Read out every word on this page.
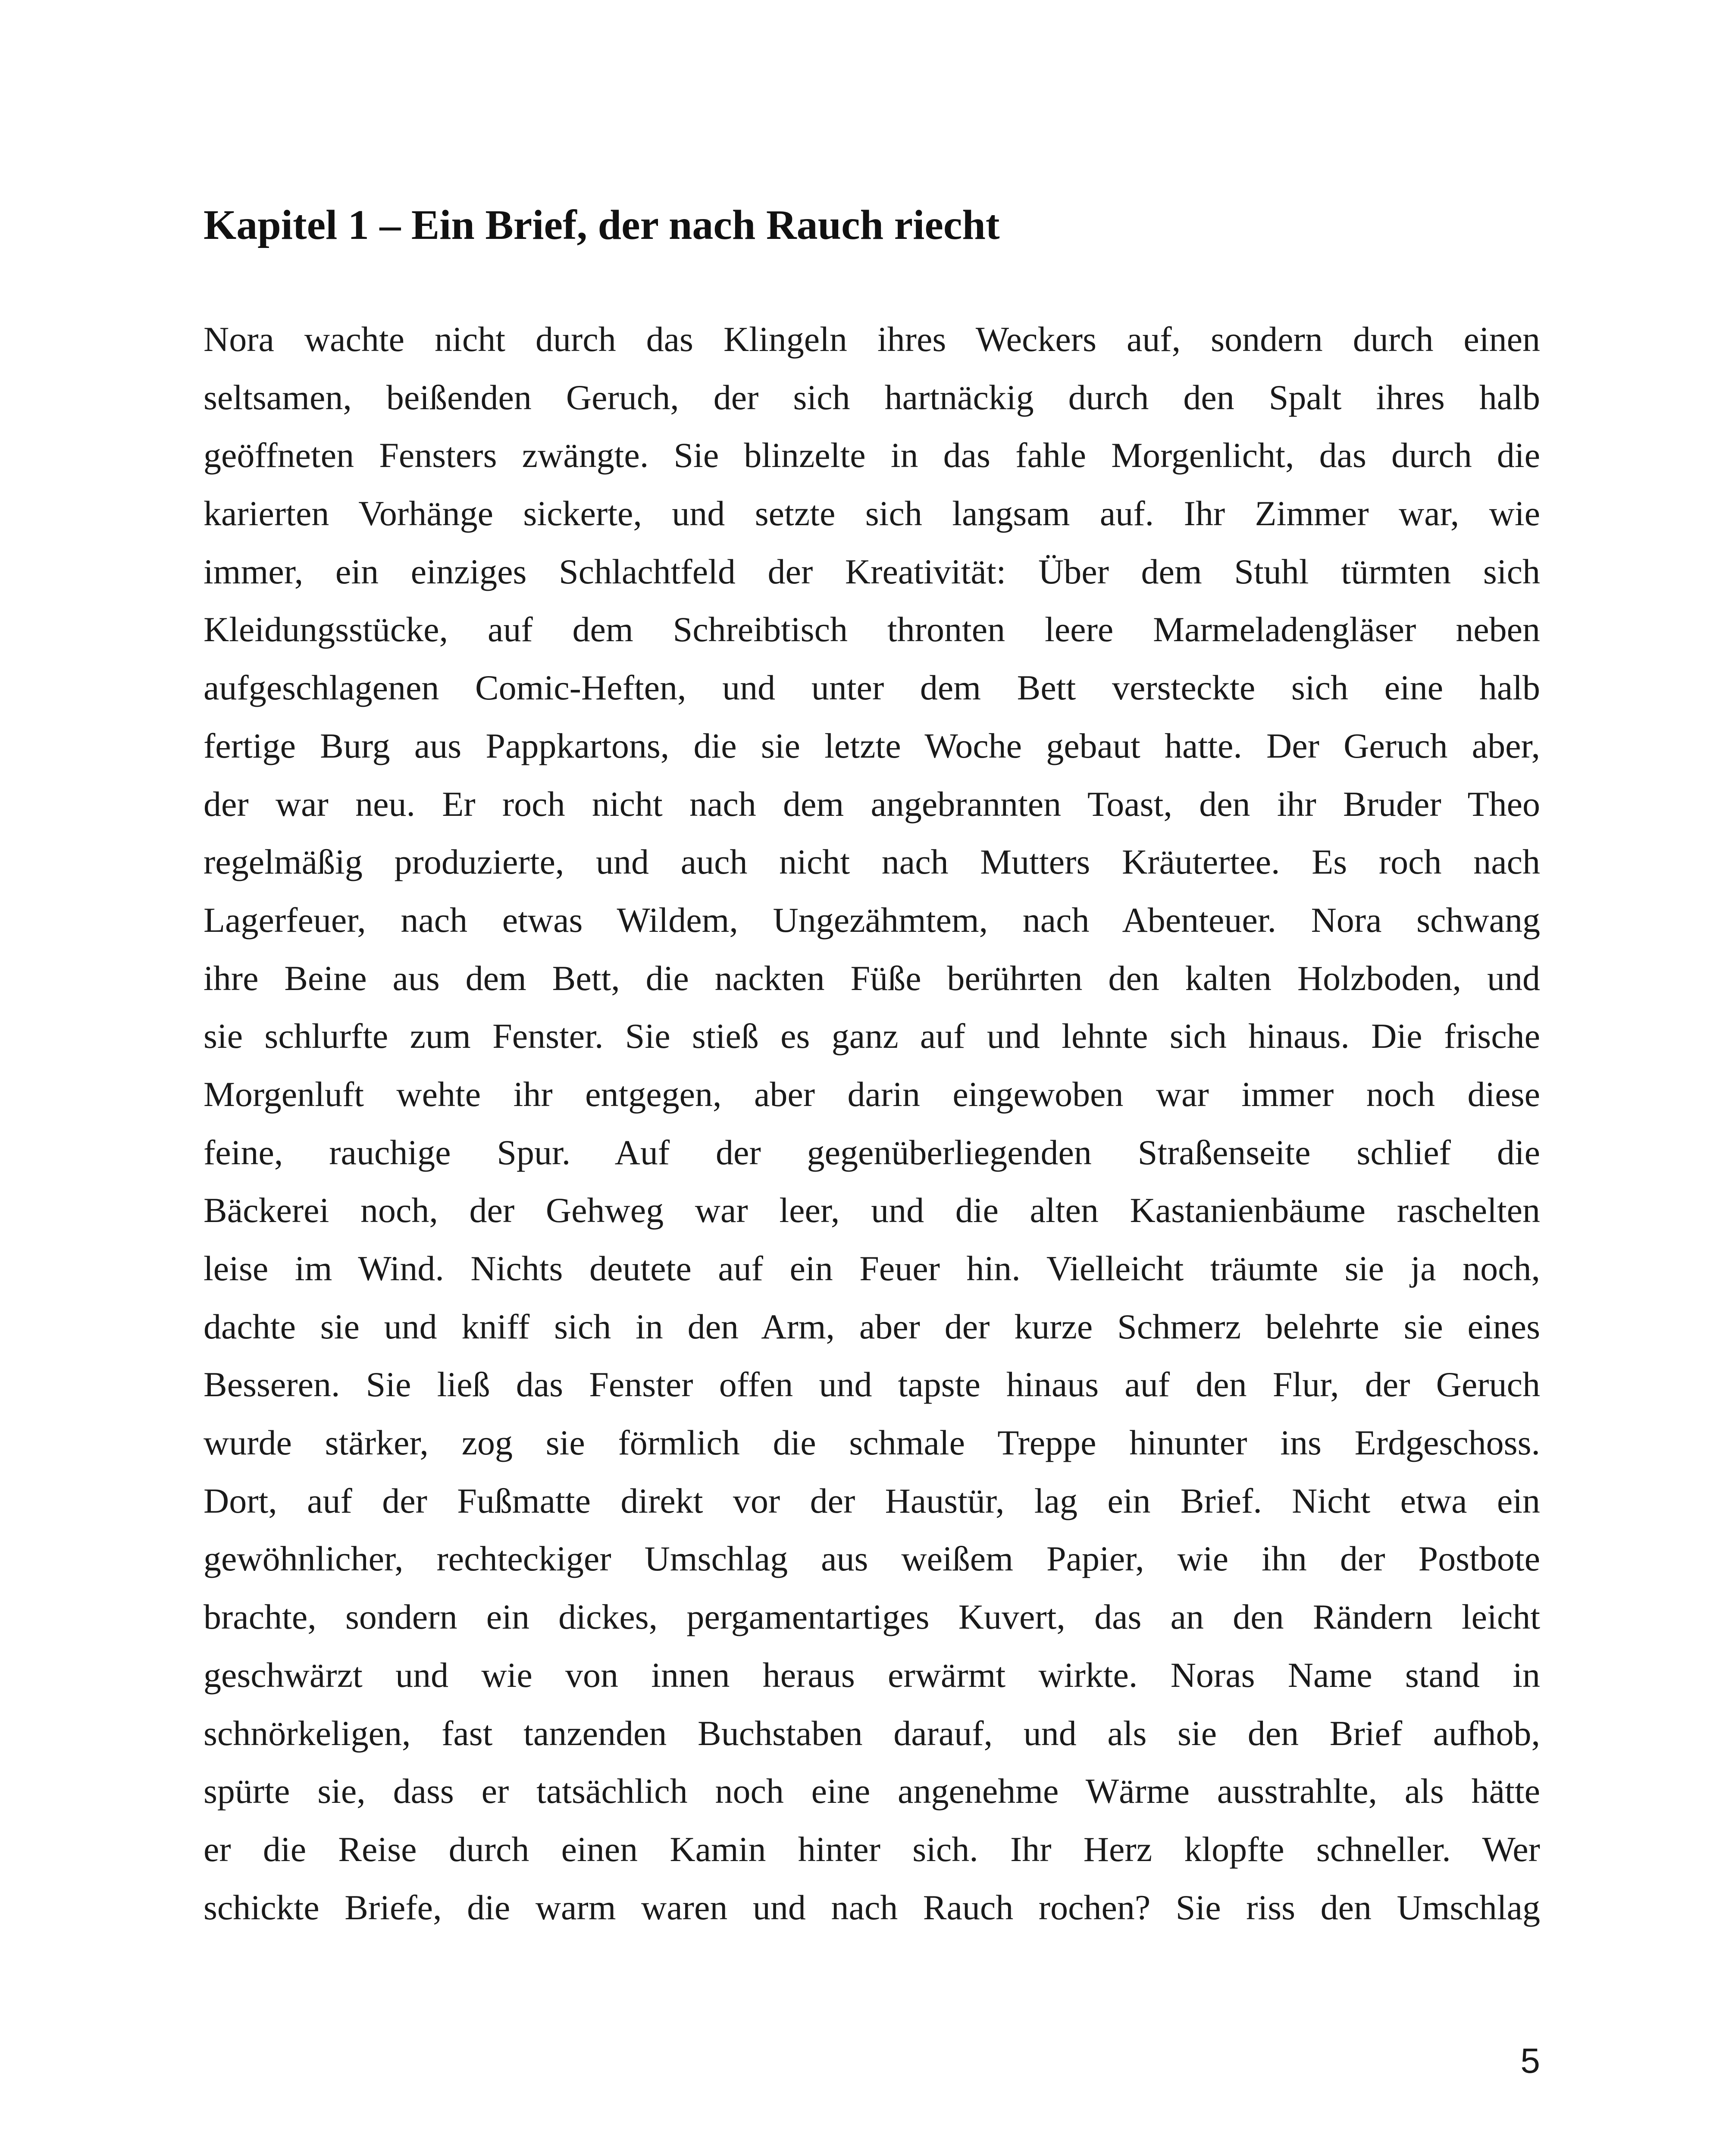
Kapitel 1 – Ein Brief, der nach Rauch riecht
Nora wachte nicht durch das Klingeln ihres Weckers auf, sondern durch einen
seltsamen, beißenden Geruch, der sich hartnäckig durch den Spalt ihres halb
geöffneten Fensters zwängte. Sie blinzelte in das fahle Morgenlicht, das durch die
karierten Vorhänge sickerte, und setzte sich langsam auf. Ihr Zimmer war, wie
immer, ein einziges Schlachtfeld der Kreativität: Über dem Stuhl türmten sich
Kleidungsstücke, auf dem Schreibtisch thronten leere Marmeladengläser neben
aufgeschlagenen Comic-Heften, und unter dem Bett versteckte sich eine halb
fertige Burg aus Pappkartons, die sie letzte Woche gebaut hatte. Der Geruch aber,
der war neu. Er roch nicht nach dem angebrannten Toast, den ihr Bruder Theo
regelmäßig produzierte, und auch nicht nach Mutters Kräutertee. Es roch nach
Lagerfeuer, nach etwas Wildem, Ungezähmtem, nach Abenteuer. Nora schwang
ihre Beine aus dem Bett, die nackten Füße berührten den kalten Holzboden, und
sie schlurfte zum Fenster. Sie stieß es ganz auf und lehnte sich hinaus. Die frische
Morgenluft wehte ihr entgegen, aber darin eingewoben war immer noch diese
feine, rauchige Spur. Auf der gegenüberliegenden Straßenseite schlief die
Bäckerei noch, der Gehweg war leer, und die alten Kastanienbäume raschelten
leise im Wind. Nichts deutete auf ein Feuer hin. Vielleicht träumte sie ja noch,
dachte sie und kniff sich in den Arm, aber der kurze Schmerz belehrte sie eines
Besseren. Sie ließ das Fenster offen und tapste hinaus auf den Flur, der Geruch
wurde stärker, zog sie förmlich die schmale Treppe hinunter ins Erdgeschoss.
Dort, auf der Fußmatte direkt vor der Haustür, lag ein Brief. Nicht etwa ein
gewöhnlicher, rechteckiger Umschlag aus weißem Papier, wie ihn der Postbote
brachte, sondern ein dickes, pergamentartiges Kuvert, das an den Rändern leicht
geschwärzt und wie von innen heraus erwärmt wirkte. Noras Name stand in
schnörkeligen, fast tanzenden Buchstaben darauf, und als sie den Brief aufhob,
spürte sie, dass er tatsächlich noch eine angenehme Wärme ausstrahlte, als hätte
er die Reise durch einen Kamin hinter sich. Ihr Herz klopfte schneller. Wer
schickte Briefe, die warm waren und nach Rauch rochen? Sie riss den Umschlag
5
